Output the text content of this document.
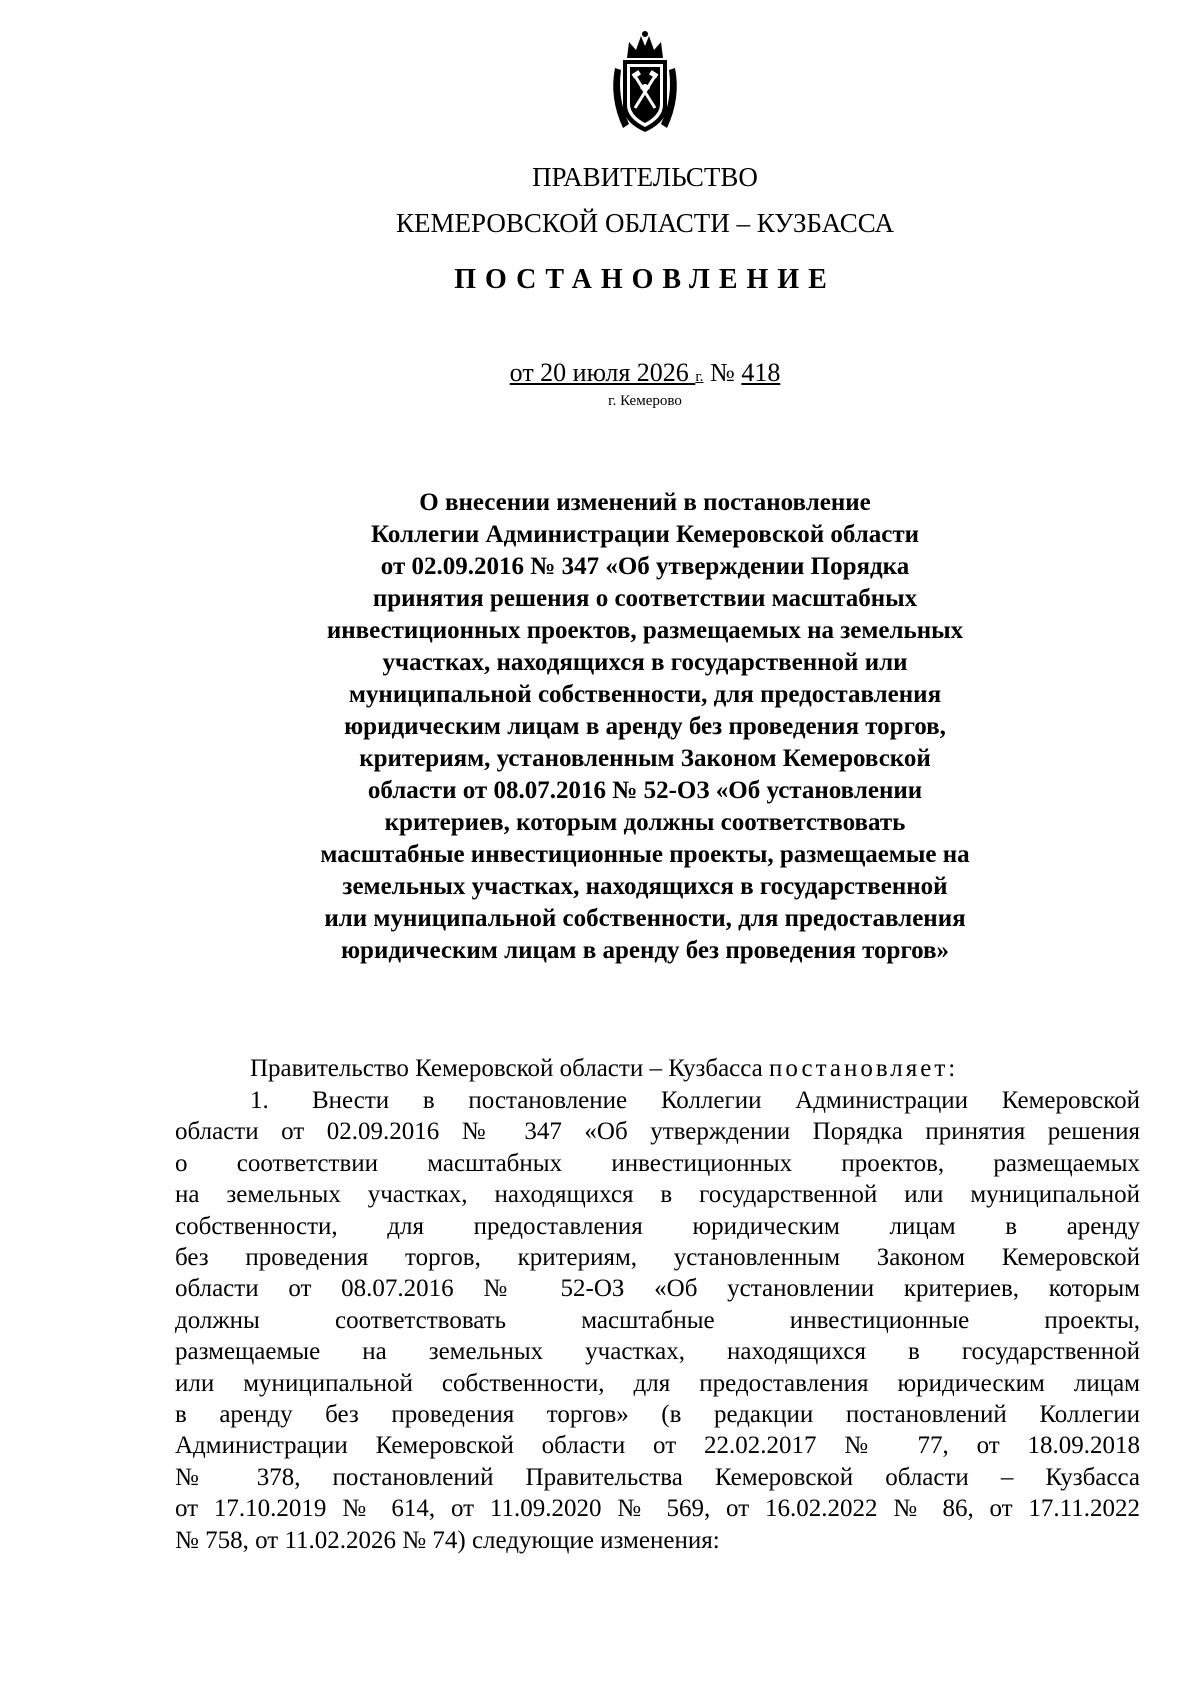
ПРАВИТЕЛЬСТВО
КЕМЕРОВСКОЙ ОБЛАСТИ – КУЗБАССА
ПОСТАНОВЛЕНИЕ
от 20 июля 2026 г. № 418
г. Кемерово
О внесении изменений в постановление
Коллегии Администрации Кемеровской области
от 02.09.2016 № 347 «Об утверждении Порядка
принятия решения о соответствии масштабных
инвестиционных проектов, размещаемых на земельных
участках, находящихся в государственной или
муниципальной собственности, для предоставления
юридическим лицам в аренду без проведения торгов,
критериям, установленным Законом Кемеровской
области от 08.07.2016 № 52-ОЗ «Об установлении
критериев, которым должны соответствовать
масштабные инвестиционные проекты, размещаемые на
земельных участках, находящихся в государственной
или муниципальной собственности, для предоставления
юридическим лицам в аренду без проведения торгов»
Правительство Кемеровской области – Кузбасса постановляет:
1. Внести в постановление Коллегии Администрации Кемеровской
области от 02.09.2016 № 347 «Об утверждении Порядка принятия решения
о соответствии масштабных инвестиционных проектов, размещаемых
на земельных участках, находящихся в государственной или муниципальной
собственности, для предоставления юридическим лицам в аренду
без проведения торгов, критериям, установленным Законом Кемеровской
области от 08.07.2016 № 52-ОЗ «Об установлении критериев, которым
должны соответствовать масштабные инвестиционные проекты,
размещаемые на земельных участках, находящихся в государственной
или муниципальной собственности, для предоставления юридическим лицам
в аренду без проведения торгов» (в редакции постановлений Коллегии
Администрации Кемеровской области от 22.02.2017 № 77, от 18.09.2018
№ 378, постановлений Правительства Кемеровской области – Кузбасса
от 17.10.2019 № 614, от 11.09.2020 № 569, от 16.02.2022 № 86, от 17.11.2022
№ 758, от 11.02.2026 № 74) следующие изменения:
